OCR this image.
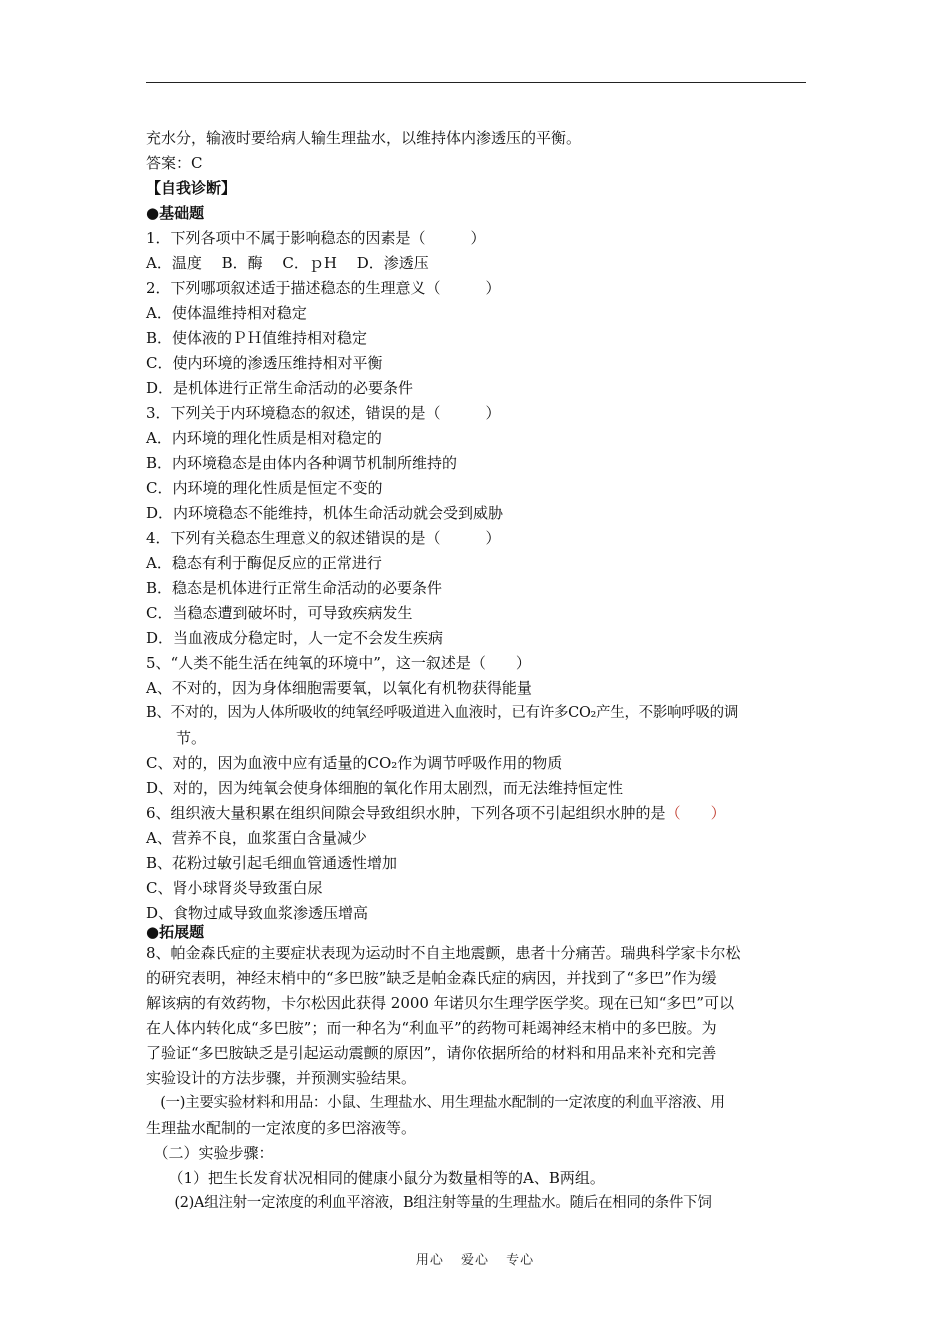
充水分，输液时要给病人输生理盐水，以维持体内渗透压的平衡。
答案：C
【自我诊断】
●基础题
1．下列各项中不属于影响稳态的因素是（　　　）
A．温度　 B．酶　 C．ｐH　 D．渗透压
2．下列哪项叙述适于描述稳态的生理意义（　　　）
A．使体温维持相对稳定
B．使体液的ＰＨ值维持相对稳定
C．使内环境的渗透压维持相对平衡
D．是机体进行正常生命活动的必要条件
3．下列关于内环境稳态的叙述，错误的是（　　　）
A．内环境的理化性质是相对稳定的
B．内环境稳态是由体内各种调节机制所维持的
C．内环境的理化性质是恒定不变的
D．内环境稳态不能维持，机体生命活动就会受到威胁
4．下列有关稳态生理意义的叙述错误的是（　　　）
A．稳态有利于酶促反应的正常进行
B．稳态是机体进行正常生命活动的必要条件
C．当稳态遭到破坏时，可导致疾病发生
D．当血液成分稳定时，人一定不会发生疾病
5、“人类不能生活在纯氧的环境中”，这一叙述是（　　）
A、不对的，因为身体细胞需要氧，以氧化有机物获得能量
B、不对的，因为人体所吸收的纯氧经呼吸道进入血液时，已有许多CO₂产生，不影响呼吸的调
　　节。
C、对的，因为血液中应有适量的CO₂作为调节呼吸作用的物质
D、对的，因为纯氧会使身体细胞的氧化作用太剧烈，而无法维持恒定性
6、组织液大量积累在组织间隙会导致组织水肿，下列各项不引起组织水肿的是（　　）
A、营养不良，血浆蛋白含量减少
B、花粉过敏引起毛细血管通透性增加
C、肾小球肾炎导致蛋白尿
D、食物过咸导致血浆渗透压增高
●拓展题
8、帕金森氏症的主要症状表现为运动时不自主地震颤，患者十分痛苦。瑞典科学家卡尔松
的研究表明，神经末梢中的“多巴胺”缺乏是帕金森氏症的病因，并找到了“多巴”作为缓
解该病的有效药物，卡尔松因此获得 2000 年诺贝尔生理学医学奖。现在已知“多巴”可以
在人体内转化成“多巴胺”；而一种名为“利血平”的药物可耗竭神经末梢中的多巴胺。为
了验证“多巴胺缺乏是引起运动震颤的原因”，请你依据所给的材料和用品来补充和完善
实验设计的方法步骤，并预测实验结果。
　(一)主要实验材料和用品：小鼠、生理盐水、用生理盐水配制的一定浓度的利血平溶液、用
生理盐水配制的一定浓度的多巴溶液等。
　（二）实验步骤：
　　（1）把生长发育状况相同的健康小鼠分为数量相等的A、B两组。
　　(2)A组注射一定浓度的利血平溶液，B组注射等量的生理盐水。随后在相同的条件下饲
用心 爱心 专心
